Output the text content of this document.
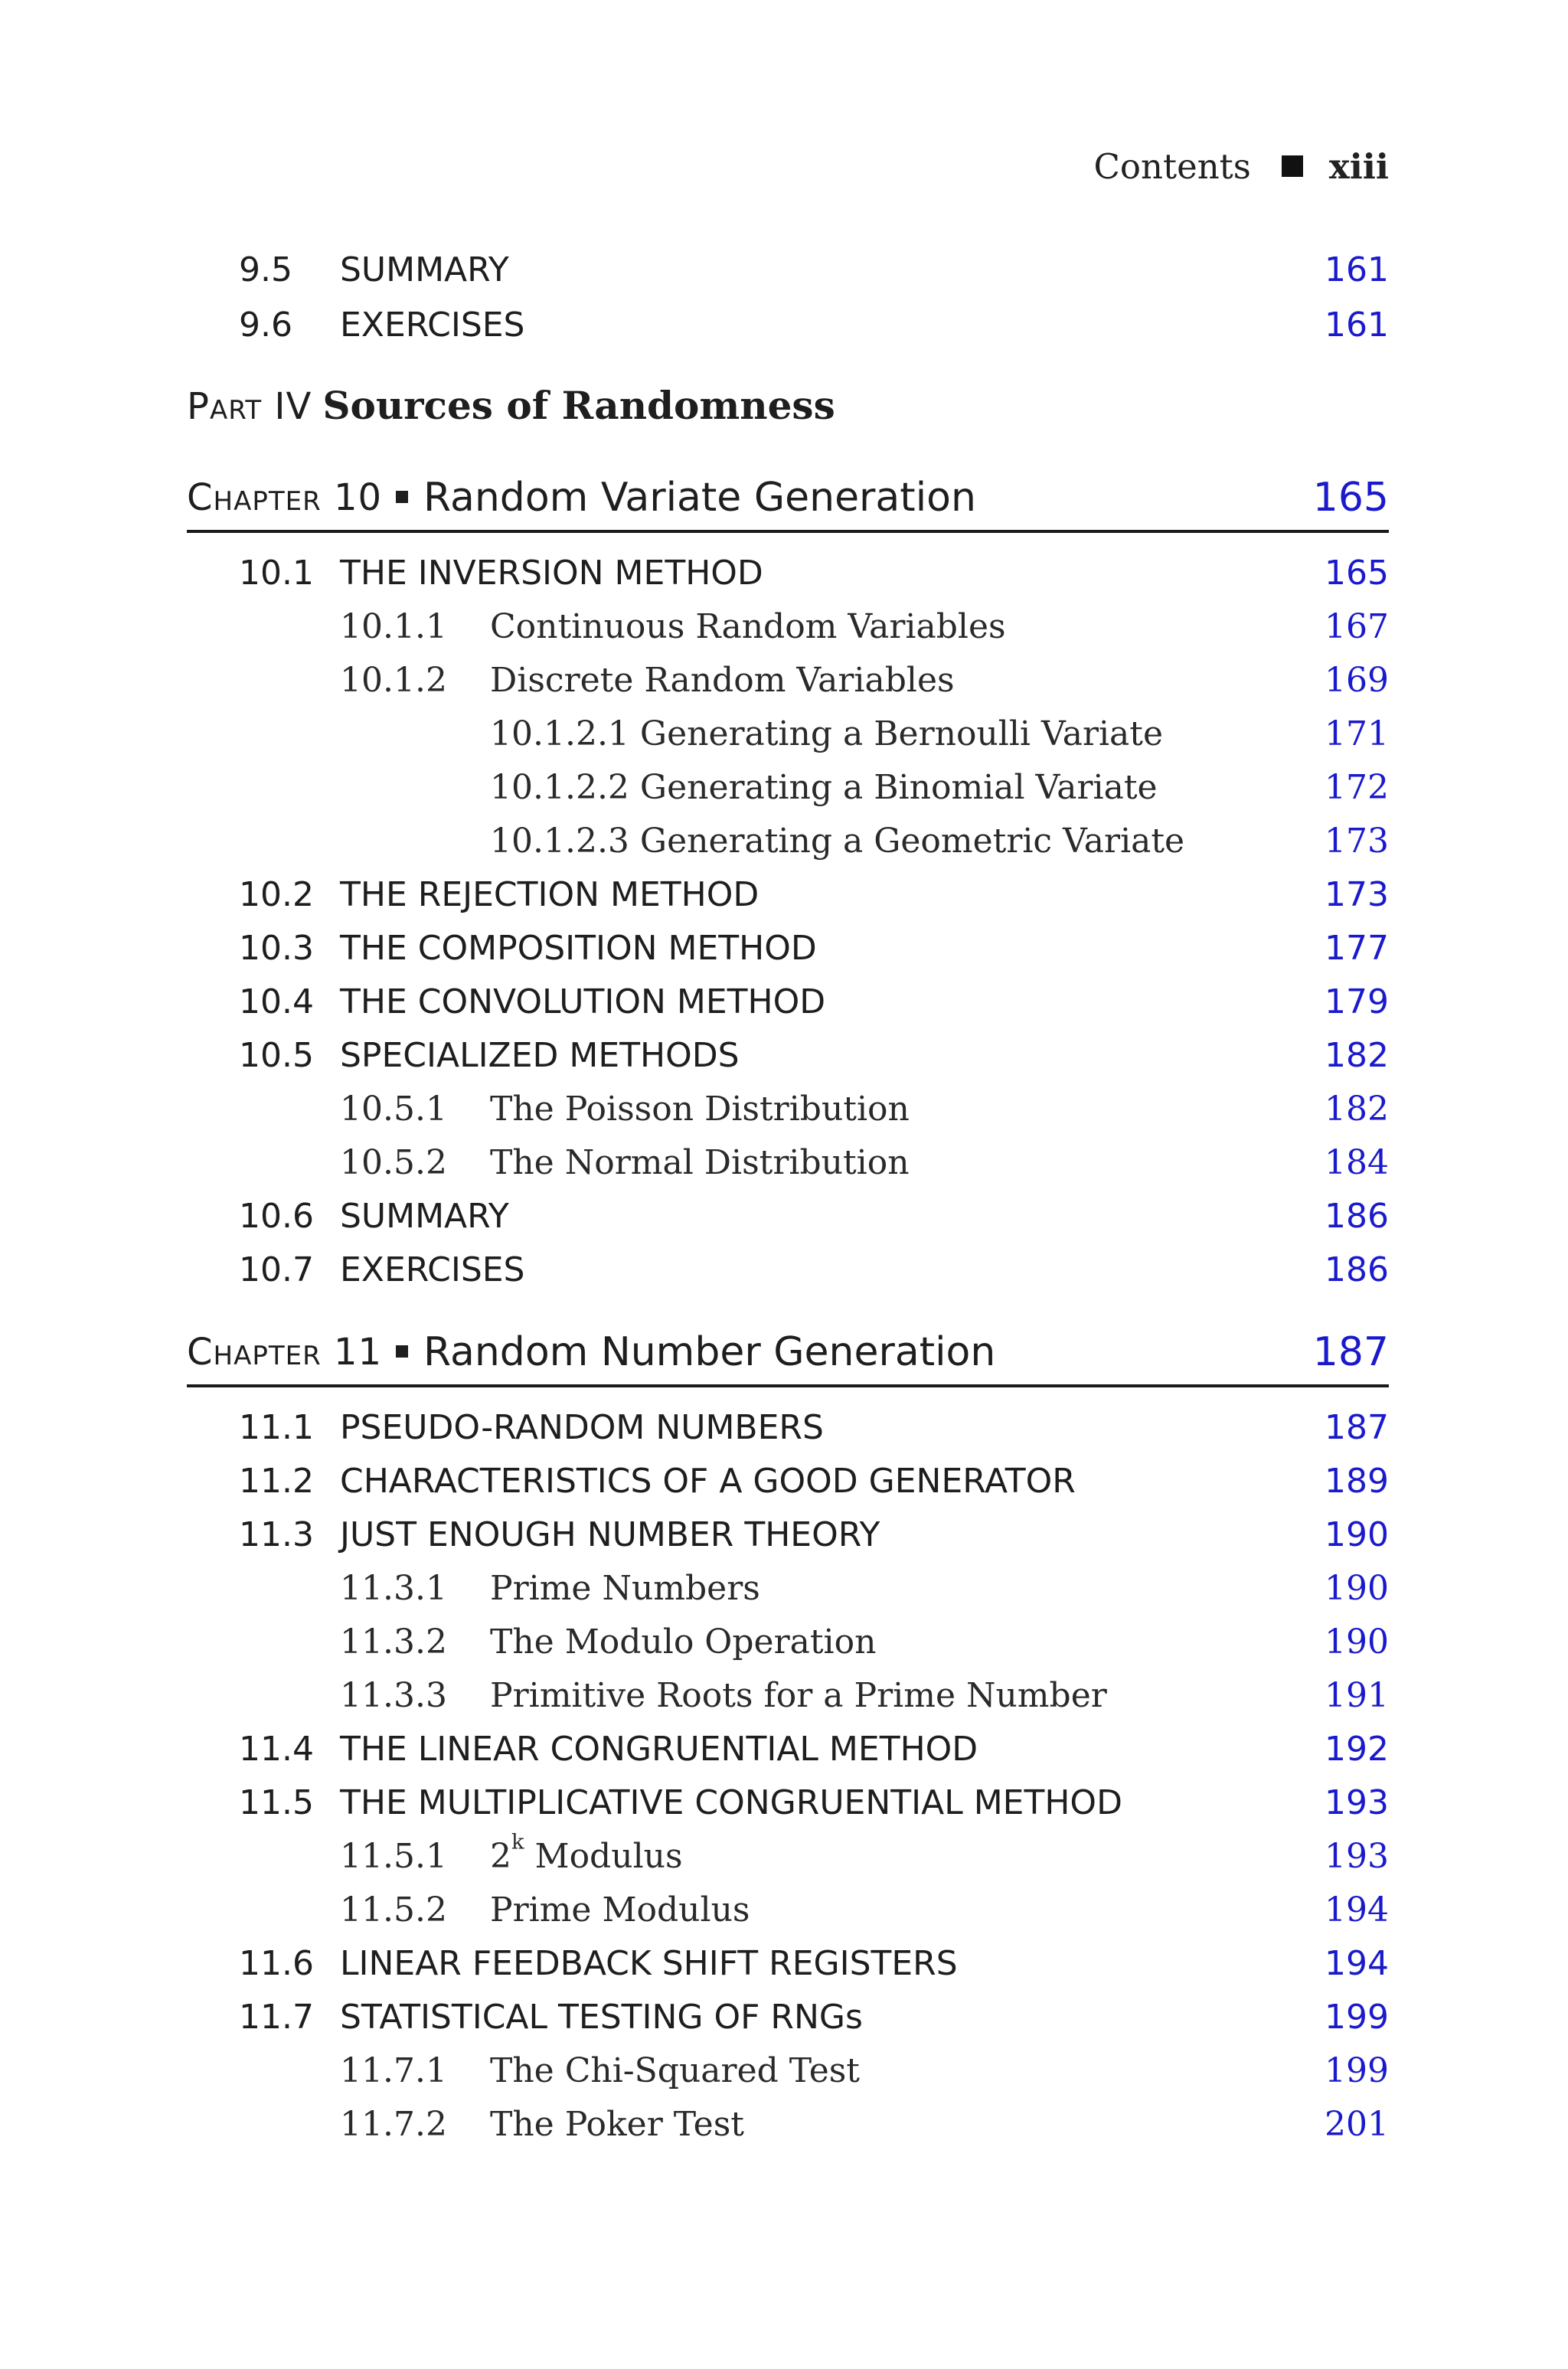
Contents xiii
9.5 SUMMARY	161
9.6 EXERCISES	161
Part IV Sources of Randomness
Chapter 10	Random Variate Generation	165
10.1 THE INVERSION METHOD	165
10.1.1 Continuous Random Variables	167
10.1.2 Discrete Random Variables	169
10.1.2.1 Generating a Bernoulli Variate	171
10.1.2.2 Generating a Binomial Variate	172
10.1.2.3 Generating a Geometric Variate	173
10.2 THE REJECTION METHOD	173
10.3 THE COMPOSITION METHOD	177
10.4 THE CONVOLUTION METHOD	179
10.5 SPECIALIZED METHODS	182
10.5.1 The Poisson Distribution	182
10.5.2 The Normal Distribution	184
10.6 SUMMARY	186
10.7 EXERCISES	186
Chapter 11	Random Number Generation	187
11.1 PSEUDO-RANDOM NUMBERS	187
11.2 CHARACTERISTICS OF A GOOD GENERATOR	189
11.3 JUST ENOUGH NUMBER THEORY	190
11.3.1 Prime Numbers	190
11.3.2 The Modulo Operation	190
11.3.3 Primitive Roots for a Prime Number	191
11.4 THE LINEAR CONGRUENTIAL METHOD	192
11.5 THE MULTIPLICATIVE CONGRUENTIAL METHOD	193
11.5.1 2$^k$ Modulus	193
11.5.2 Prime Modulus	194
11.6 LINEAR FEEDBACK SHIFT REGISTERS	194
11.7 STATISTICAL TESTING OF RNGs	199
11.7.1 The Chi-Squared Test	199
11.7.2 The Poker Test	201
